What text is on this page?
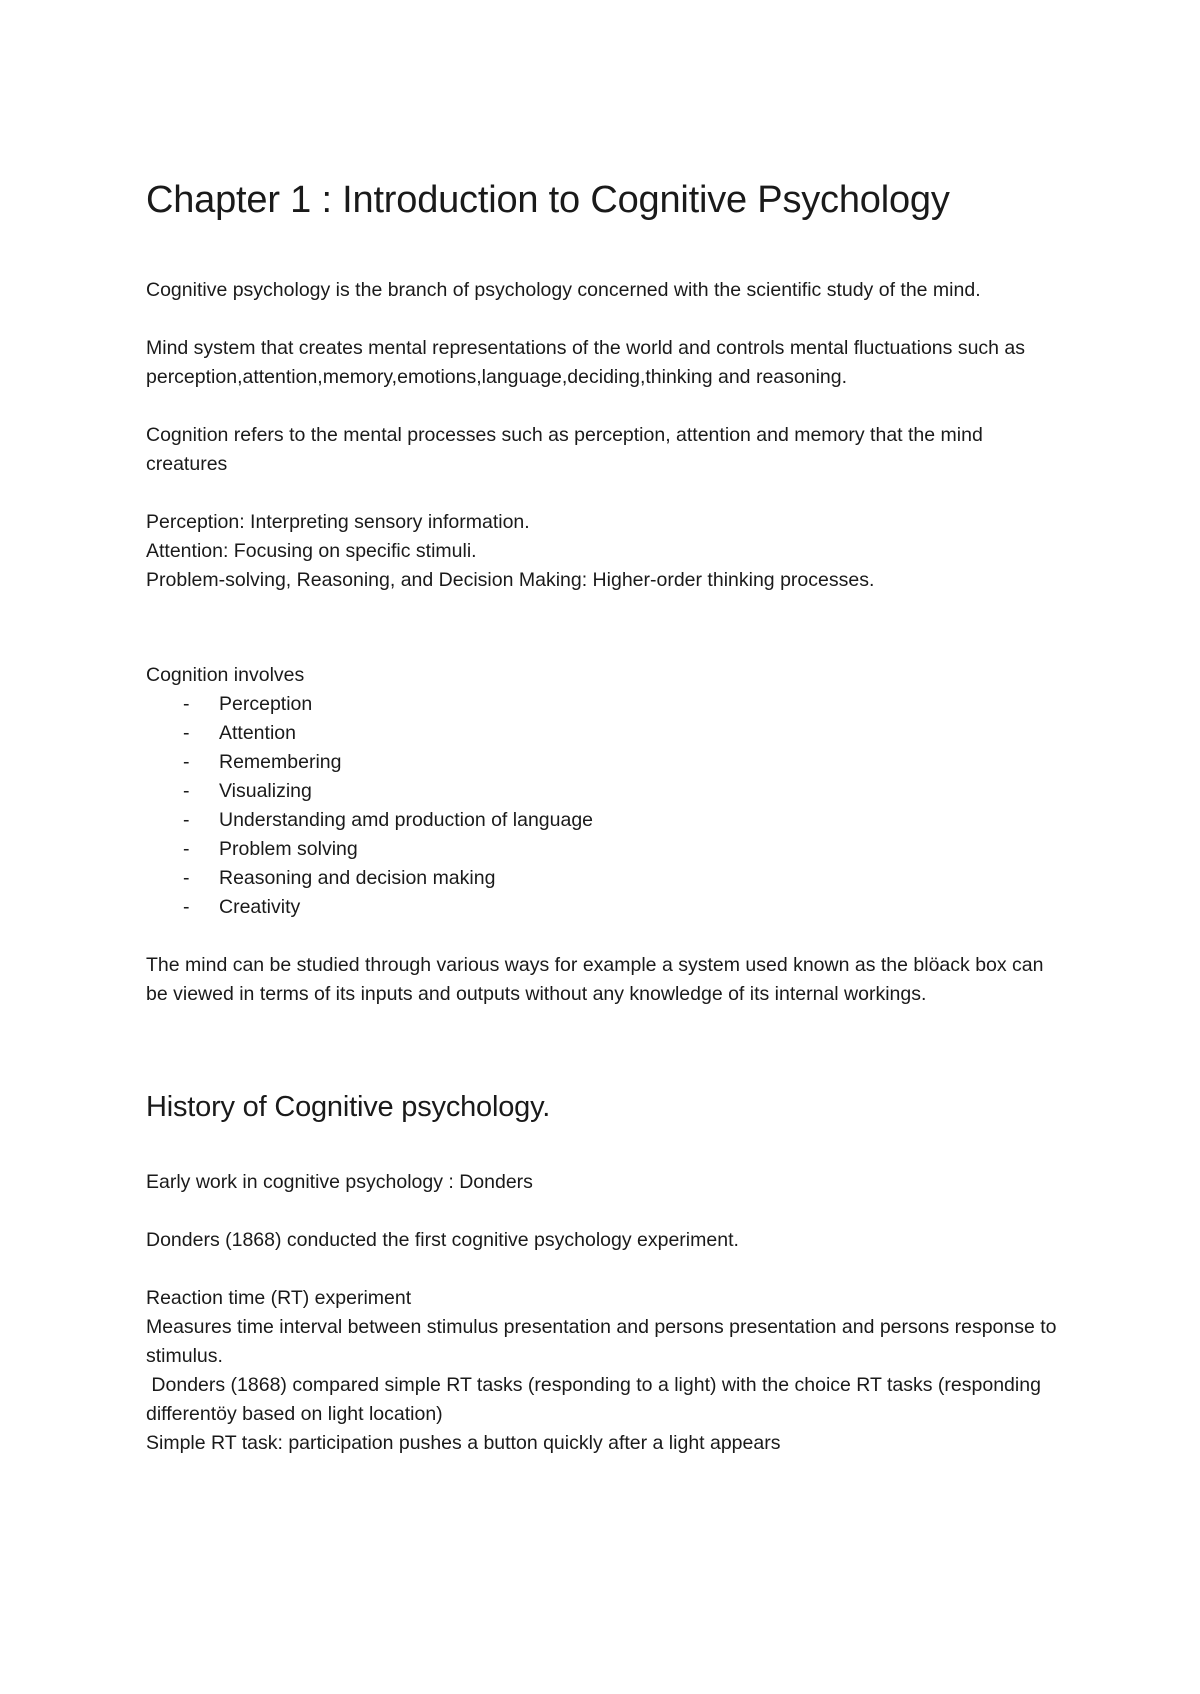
Chapter 1 : Introduction to Cognitive Psychology

Cognitive psychology is the branch of psychology concerned with the scientific study of the mind.

Mind system that creates mental representations of the world and controls mental fluctuations such as perception,attention,memory,emotions,language,deciding,thinking and reasoning.

Cognition refers to the mental processes such as perception, attention and memory that the mind creatures

Perception: Interpreting sensory information.
Attention: Focusing on specific stimuli.
Problem-solving, Reasoning, and Decision Making: Higher-order thinking processes.

Cognition involves

- Perception
- Attention
- Remembering
- Visualizing
- Understanding amd production of language
- Problem solving
- Reasoning and decision making
- Creativity

The mind can be studied through various ways for example a system used known as the blöack box can be viewed in terms of its inputs and outputs without any knowledge of its internal workings.

History of Cognitive psychology.

Early work in cognitive psychology : Donders

Donders (1868) conducted the first cognitive psychology experiment.

Reaction time (RT) experiment
Measures time interval between stimulus presentation and persons presentation and persons response to stimulus.
Donders (1868) compared simple RT tasks (responding to a light) with the choice RT tasks (responding differentöy based on light location)
Simple RT task: participation pushes a button quickly after a light appears
